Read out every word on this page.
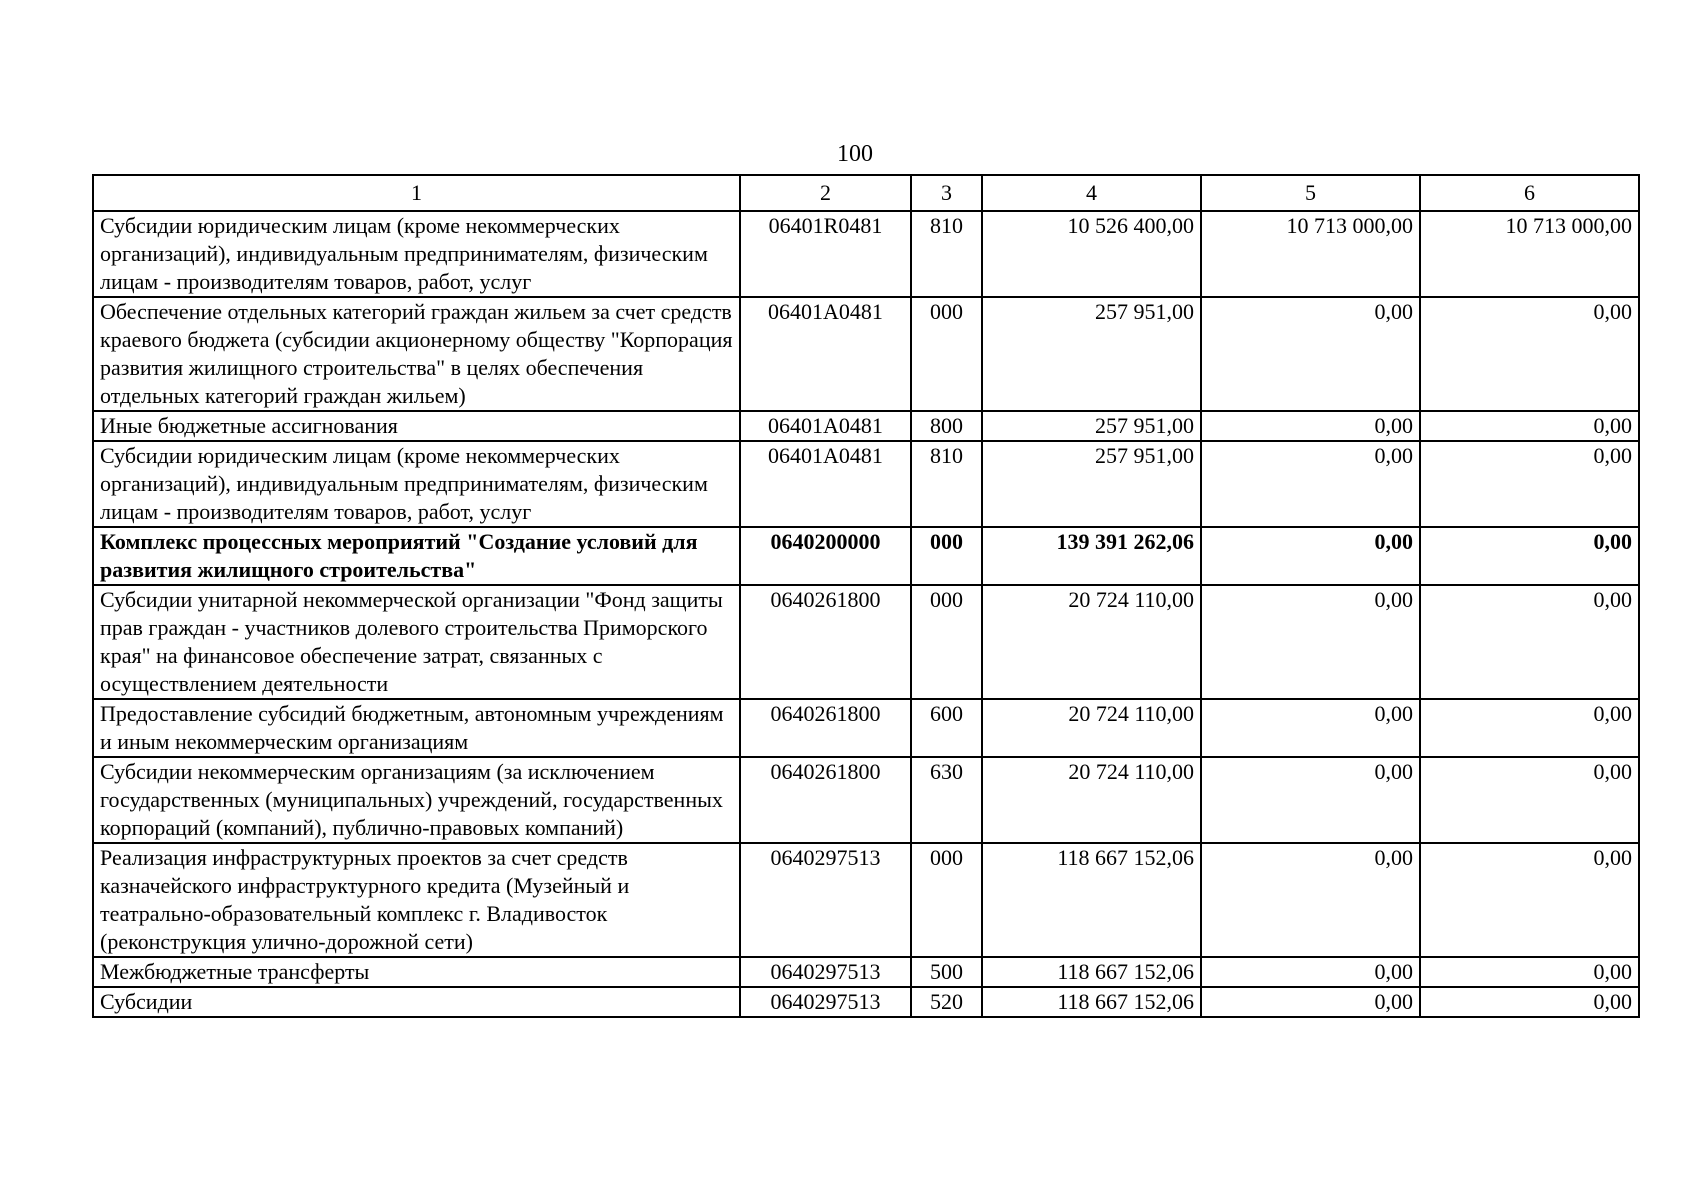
100
1	2	3	4	5	6
Субсидии юридическим лицам (кроме некоммерческих организаций), индивидуальным предпринимателям, физическим лицам - производителям товаров, работ, услуг	06401R0481	810	10 526 400,00	10 713 000,00	10 713 000,00
Обеспечение отдельных категорий граждан жильем за счет средств краевого бюджета (субсидии акционерному обществу "Корпорация развития жилищного строительства" в целях обеспечения отдельных категорий граждан жильем)	06401A0481	000	257 951,00	0,00	0,00
Иные бюджетные ассигнования	06401A0481	800	257 951,00	0,00	0,00
Субсидии юридическим лицам (кроме некоммерческих организаций), индивидуальным предпринимателям, физическим лицам - производителям товаров, работ, услуг	06401A0481	810	257 951,00	0,00	0,00
Комплекс процессных мероприятий "Создание условий для развития жилищного строительства"	0640200000	000	139 391 262,06	0,00	0,00
Субсидии унитарной некоммерческой организации "Фонд защиты прав граждан - участников долевого строительства Приморского края" на финансовое обеспечение затрат, связанных с осуществлением деятельности	0640261800	000	20 724 110,00	0,00	0,00
Предоставление субсидий бюджетным, автономным учреждениям и иным некоммерческим организациям	0640261800	600	20 724 110,00	0,00	0,00
Субсидии некоммерческим организациям (за исключением государственных (муниципальных) учреждений, государственных корпораций (компаний), публично-правовых компаний)	0640261800	630	20 724 110,00	0,00	0,00
Реализация инфраструктурных проектов за счет средств казначейского инфраструктурного кредита (Музейный и театрально-образовательный комплекс г. Владивосток (реконструкция улично-дорожной сети)	0640297513	000	118 667 152,06	0,00	0,00
Межбюджетные трансферты	0640297513	500	118 667 152,06	0,00	0,00
Субсидии	0640297513	520	118 667 152,06	0,00	0,00
